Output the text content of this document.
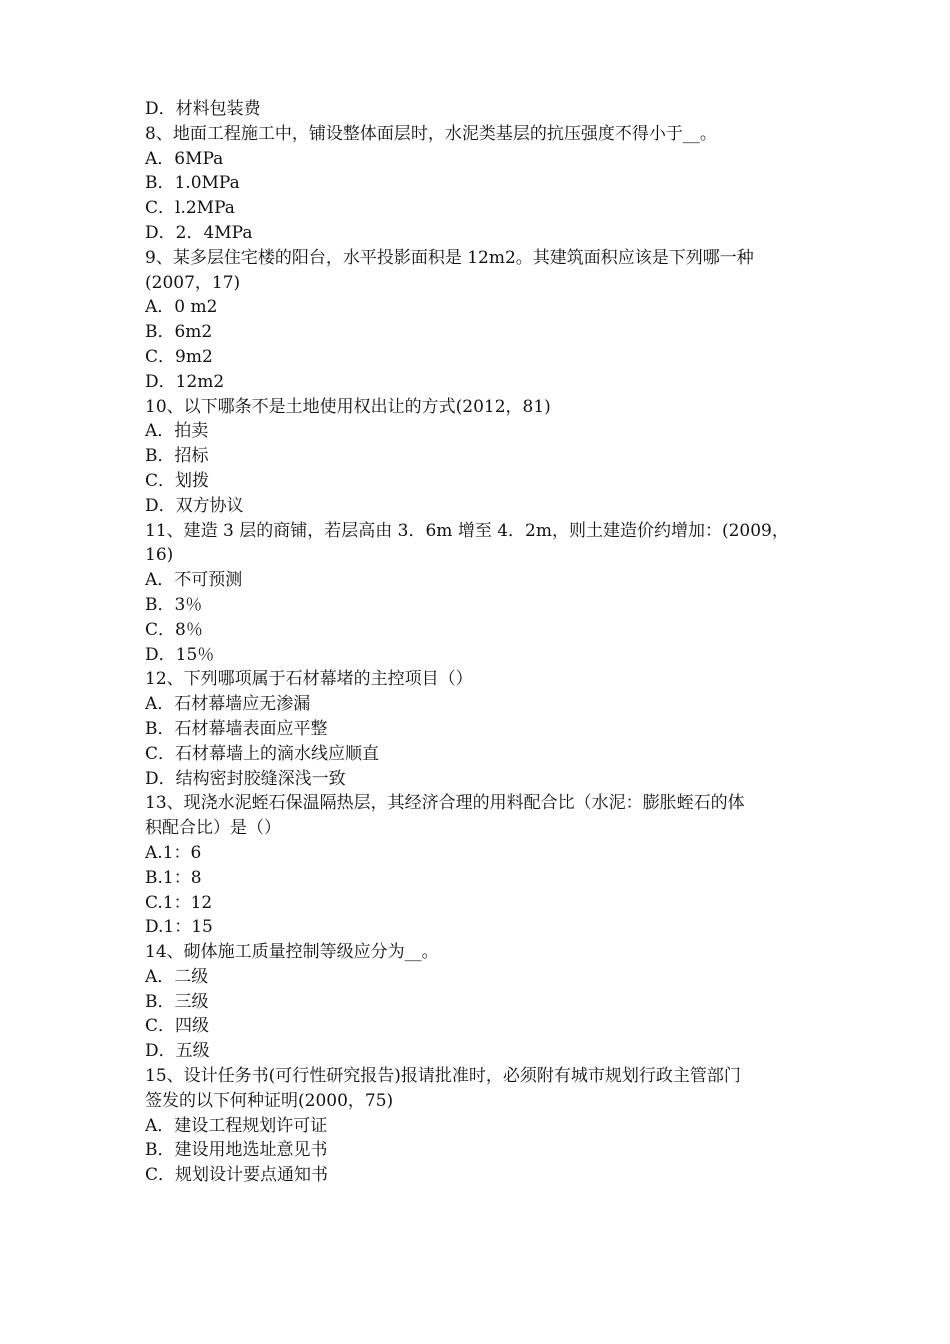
D．材料包装费
8、地面工程施工中，铺设整体面层时，水泥类基层的抗压强度不得小于__。
A．6MPa
B．1.0MPa
C．l.2MPa
D．2．4MPa
9、某多层住宅楼的阳台，水平投影面积是 12m2。其建筑面积应该是下列哪一种
(2007，17)
A．0 m2
B．6m2
C．9m2
D．12m2
10、以下哪条不是土地使用权出让的方式(2012，81)
A．拍卖
B．招标
C．划拨
D．双方协议
11、建造 3 层的商铺，若层高由 3．6m 增至 4．2m，则土建造价约增加：(2009，
16)
A．不可预测
B．3％
C．8％
D．15％
12、下列哪项属于石材幕堵的主控项目（）
A．石材幕墙应无渗漏
B．石材幕墙表面应平整
C．石材幕墙上的滴水线应顺直
D．结构密封胶缝深浅一致
13、现浇水泥蛭石保温隔热层，其经济合理的用料配合比（水泥：膨胀蛭石的体
积配合比）是（）
A.1：6
B.1：8
C.1：12
D.1：15
14、砌体施工质量控制等级应分为__。
A．二级
B．三级
C．四级
D．五级
15、设计任务书(可行性研究报告)报请批准时，必须附有城市规划行政主管部门
签发的以下何种证明(2000，75)
A．建设工程规划许可证
B．建设用地选址意见书
C．规划设计要点通知书
